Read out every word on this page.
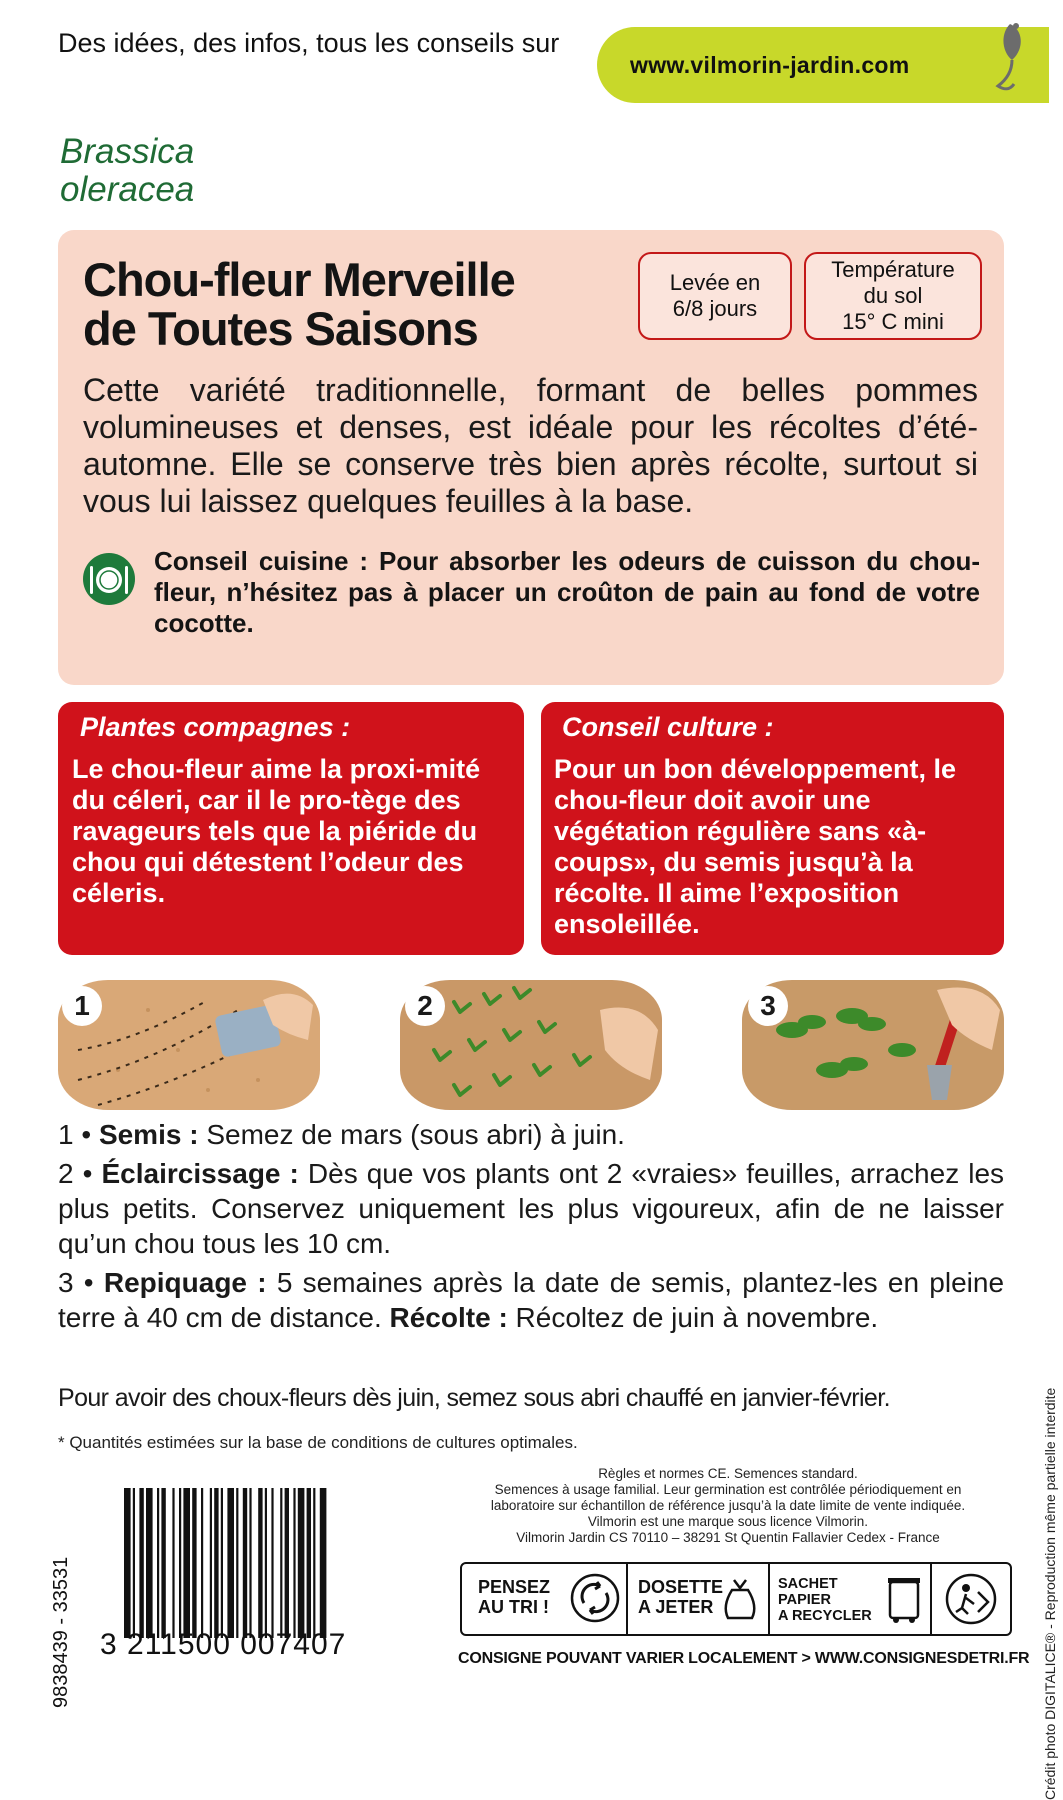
Des idées, des infos, tous les conseils sur
www.vilmorin-jardin.com
Brassica
oleracea
Chou-fleur Merveille
de Toutes Saisons
Levée en
6/8 jours
Température
du sol
15° C mini
Cette variété traditionnelle, formant de belles pommes volumineuses et denses, est idéale pour les récoltes d’été-automne. Elle se conserve très bien après récolte, surtout si vous lui laissez quelques feuilles à la base.
Conseil cuisine : Pour absorber les odeurs de cuisson du chou-fleur, n’hésitez pas à placer un croûton de pain au fond de votre cocotte.
Plantes compagnes :
Le chou-fleur aime la proxi-mité du céleri, car il le pro-tège des ravageurs tels que la piéride du chou qui détestent l’odeur des céleris.
Conseil culture :
Pour un bon développement, le chou-fleur doit avoir une végétation régulière sans «à-coups», du semis jusqu’à la récolte. Il aime l’exposition ensoleillée.
1	2	3

1 • Semis : Semez de mars (sous abri) à juin.

2 • Éclaircissage : Dès que vos plants ont 2 «vraies» feuilles, arrachez les plus petits. Conservez uniquement les plus vigoureux, afin de ne laisser qu’un chou tous les 10 cm.

3 • Repiquage : 5 semaines après la date de semis, plantez-les en pleine terre à 40 cm de distance. Récolte : Récoltez de juin à novembre.

Pour avoir des choux-fleurs dès juin, semez sous abri chauffé en janvier-février.
* Quantités estimées sur la base de conditions de cultures optimales.
9838439 - 33531 3 211500 007407
Règles et normes CE. Semences standard.
Semences à usage familial. Leur germination est contrôlée périodiquement en
laboratoire sur échantillon de référence jusqu’à la date limite de vente indiquée.
Vilmorin est une marque sous licence Vilmorin.
Vilmorin Jardin CS 70110 – 38291 St Quentin Fallavier Cedex - France
PENSEZ
AU TRI !
DOSETTE
A JETER
SACHET
PAPIER
A RECYCLER
CONSIGNE POUVANT VARIER LOCALEMENT > WWW.CONSIGNESDETRI.FR Crédit photo DIGITALICE® - Reproduction même partielle interdite
